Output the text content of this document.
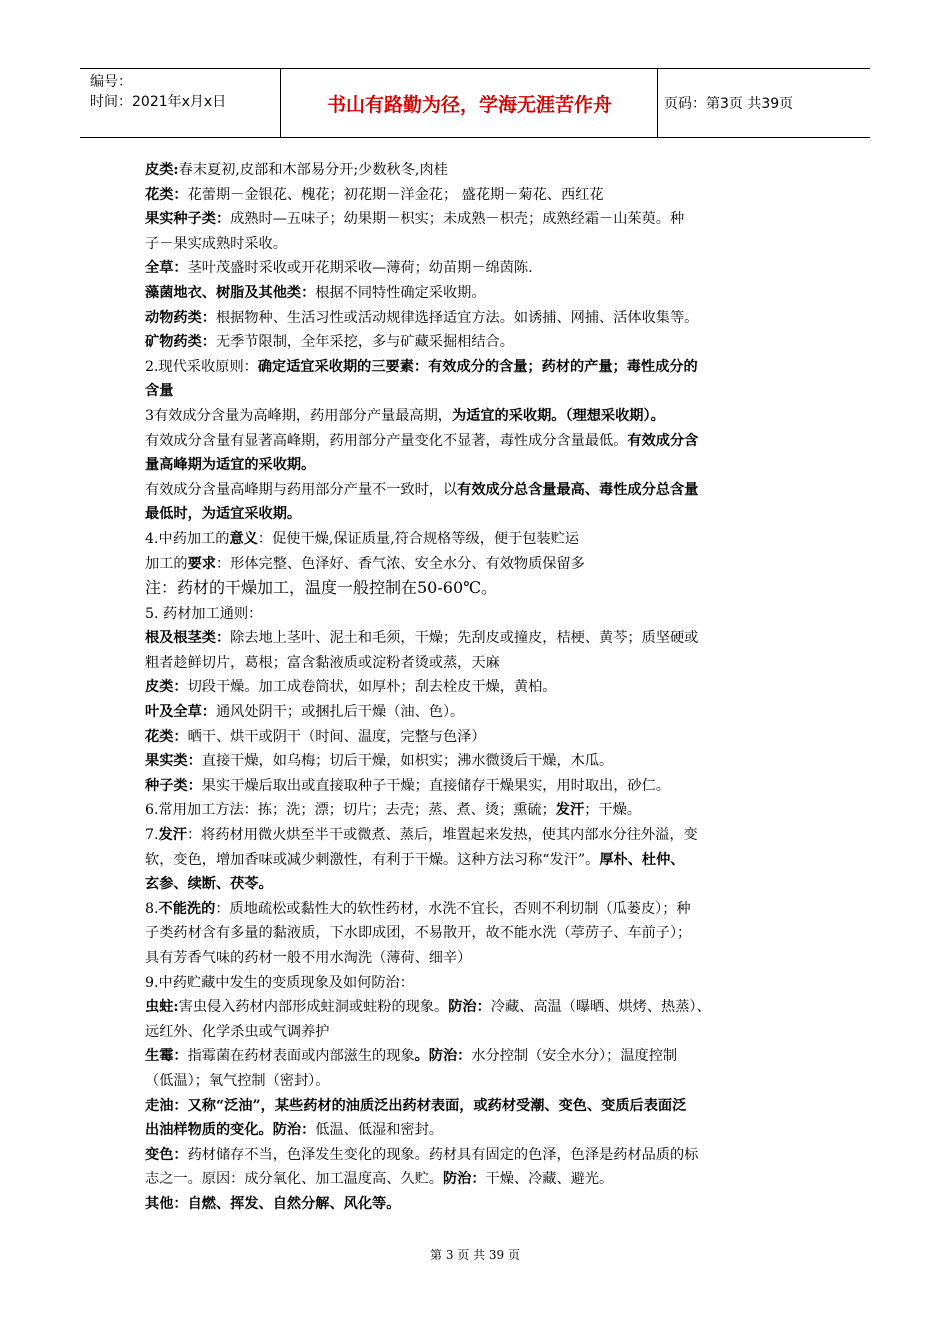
编号：
时间：2021年x月x日	书山有路勤为径，学海无涯苦作舟	页码：第3页 共39页

皮类:春末夏初,皮部和木部易分开;少数秋冬,肉桂

花类：花蕾期－金银花、槐花；初花期－洋金花； 盛花期－菊花、西红花

果实种子类：成熟时—五味子；幼果期－枳实；未成熟－枳壳；成熟经霜－山茱萸。种

子－果实成熟时采收。

全草：茎叶茂盛时采收或开花期采收—薄荷；幼苗期－绵茵陈.

藻菌地衣、树脂及其他类：根据不同特性确定采收期。

动物药类：根据物种、生活习性或活动规律选择适宜方法。如诱捕、网捕、活体收集等。

矿物药类：无季节限制，全年采挖，多与矿藏采掘相结合。

2.现代采收原则：确定适宜采收期的三要素：有效成分的含量；药材的产量；毒性成分的

含量

3有效成分含量为高峰期，药用部分产量最高期，为适宜的采收期。（理想采收期）。

有效成分含量有显著高峰期，药用部分产量变化不显著，毒性成分含量最低。有效成分含

量高峰期为适宜的采收期。

有效成分含量高峰期与药用部分产量不一致时，以有效成分总含量最高、毒性成分总含量

最低时，为适宜采收期。

4.中药加工的意义：促使干燥,保证质量,符合规格等级，便于包装贮运

加工的要求：形体完整、色泽好、香气浓、安全水分、有效物质保留多

注：药材的干燥加工，温度一般控制在50-60℃。

5. 药材加工通则：

根及根茎类：除去地上茎叶、泥土和毛须，干燥；先刮皮或撞皮，桔梗、黄芩；质坚硬或

粗者趁鲜切片，葛根；富含黏液质或淀粉者烫或蒸，天麻

皮类：切段干燥。加工成卷筒状，如厚朴；刮去栓皮干燥，黄柏。

叶及全草：通风处阴干；或捆扎后干燥（油、色）。

花类：晒干、烘干或阴干（时间、温度，完整与色泽）

果实类：直接干燥，如乌梅；切后干燥，如枳实；沸水微烫后干燥，木瓜。

种子类：果实干燥后取出或直接取种子干燥；直接储存干燥果实，用时取出，砂仁。

6.常用加工方法：拣；洗；漂；切片；去壳；蒸、煮、烫；熏硫；发汗；干燥。

7.发汗：将药材用微火烘至半干或微煮、蒸后，堆置起来发热，使其内部水分往外溢，变

软，变色，增加香味或减少刺激性，有利于干燥。这种方法习称“发汗”。厚朴、杜仲、

玄参、续断、茯苓。

8.不能洗的：质地疏松或黏性大的软性药材，水洗不宜长，否则不利切制（瓜蒌皮）；种

子类药材含有多量的黏液质，下水即成团，不易散开，故不能水洗（葶苈子、车前子）；

具有芳香气味的药材一般不用水淘洗（薄荷、细辛）

9.中药贮藏中发生的变质现象及如何防治：

虫蛀:害虫侵入药材内部形成蛀洞或蛀粉的现象。防治：冷藏、高温（曝晒、烘烤、热蒸）、

远红外、化学杀虫或气调养护

生霉：指霉菌在药材表面或内部滋生的现象。防治：水分控制（安全水分）；温度控制

（低温）；氧气控制（密封）。

走油：又称“泛油”，某些药材的油质泛出药材表面，或药材受潮、变色、变质后表面泛

出油样物质的变化。防治：低温、低湿和密封。

变色：药材储存不当，色泽发生变化的现象。药材具有固定的色泽，色泽是药材品质的标

志之一。原因：成分氧化、加工温度高、久贮。防治：干燥、冷藏、避光。

其他：自燃、挥发、自然分解、风化等。

第 3 页 共 39 页
